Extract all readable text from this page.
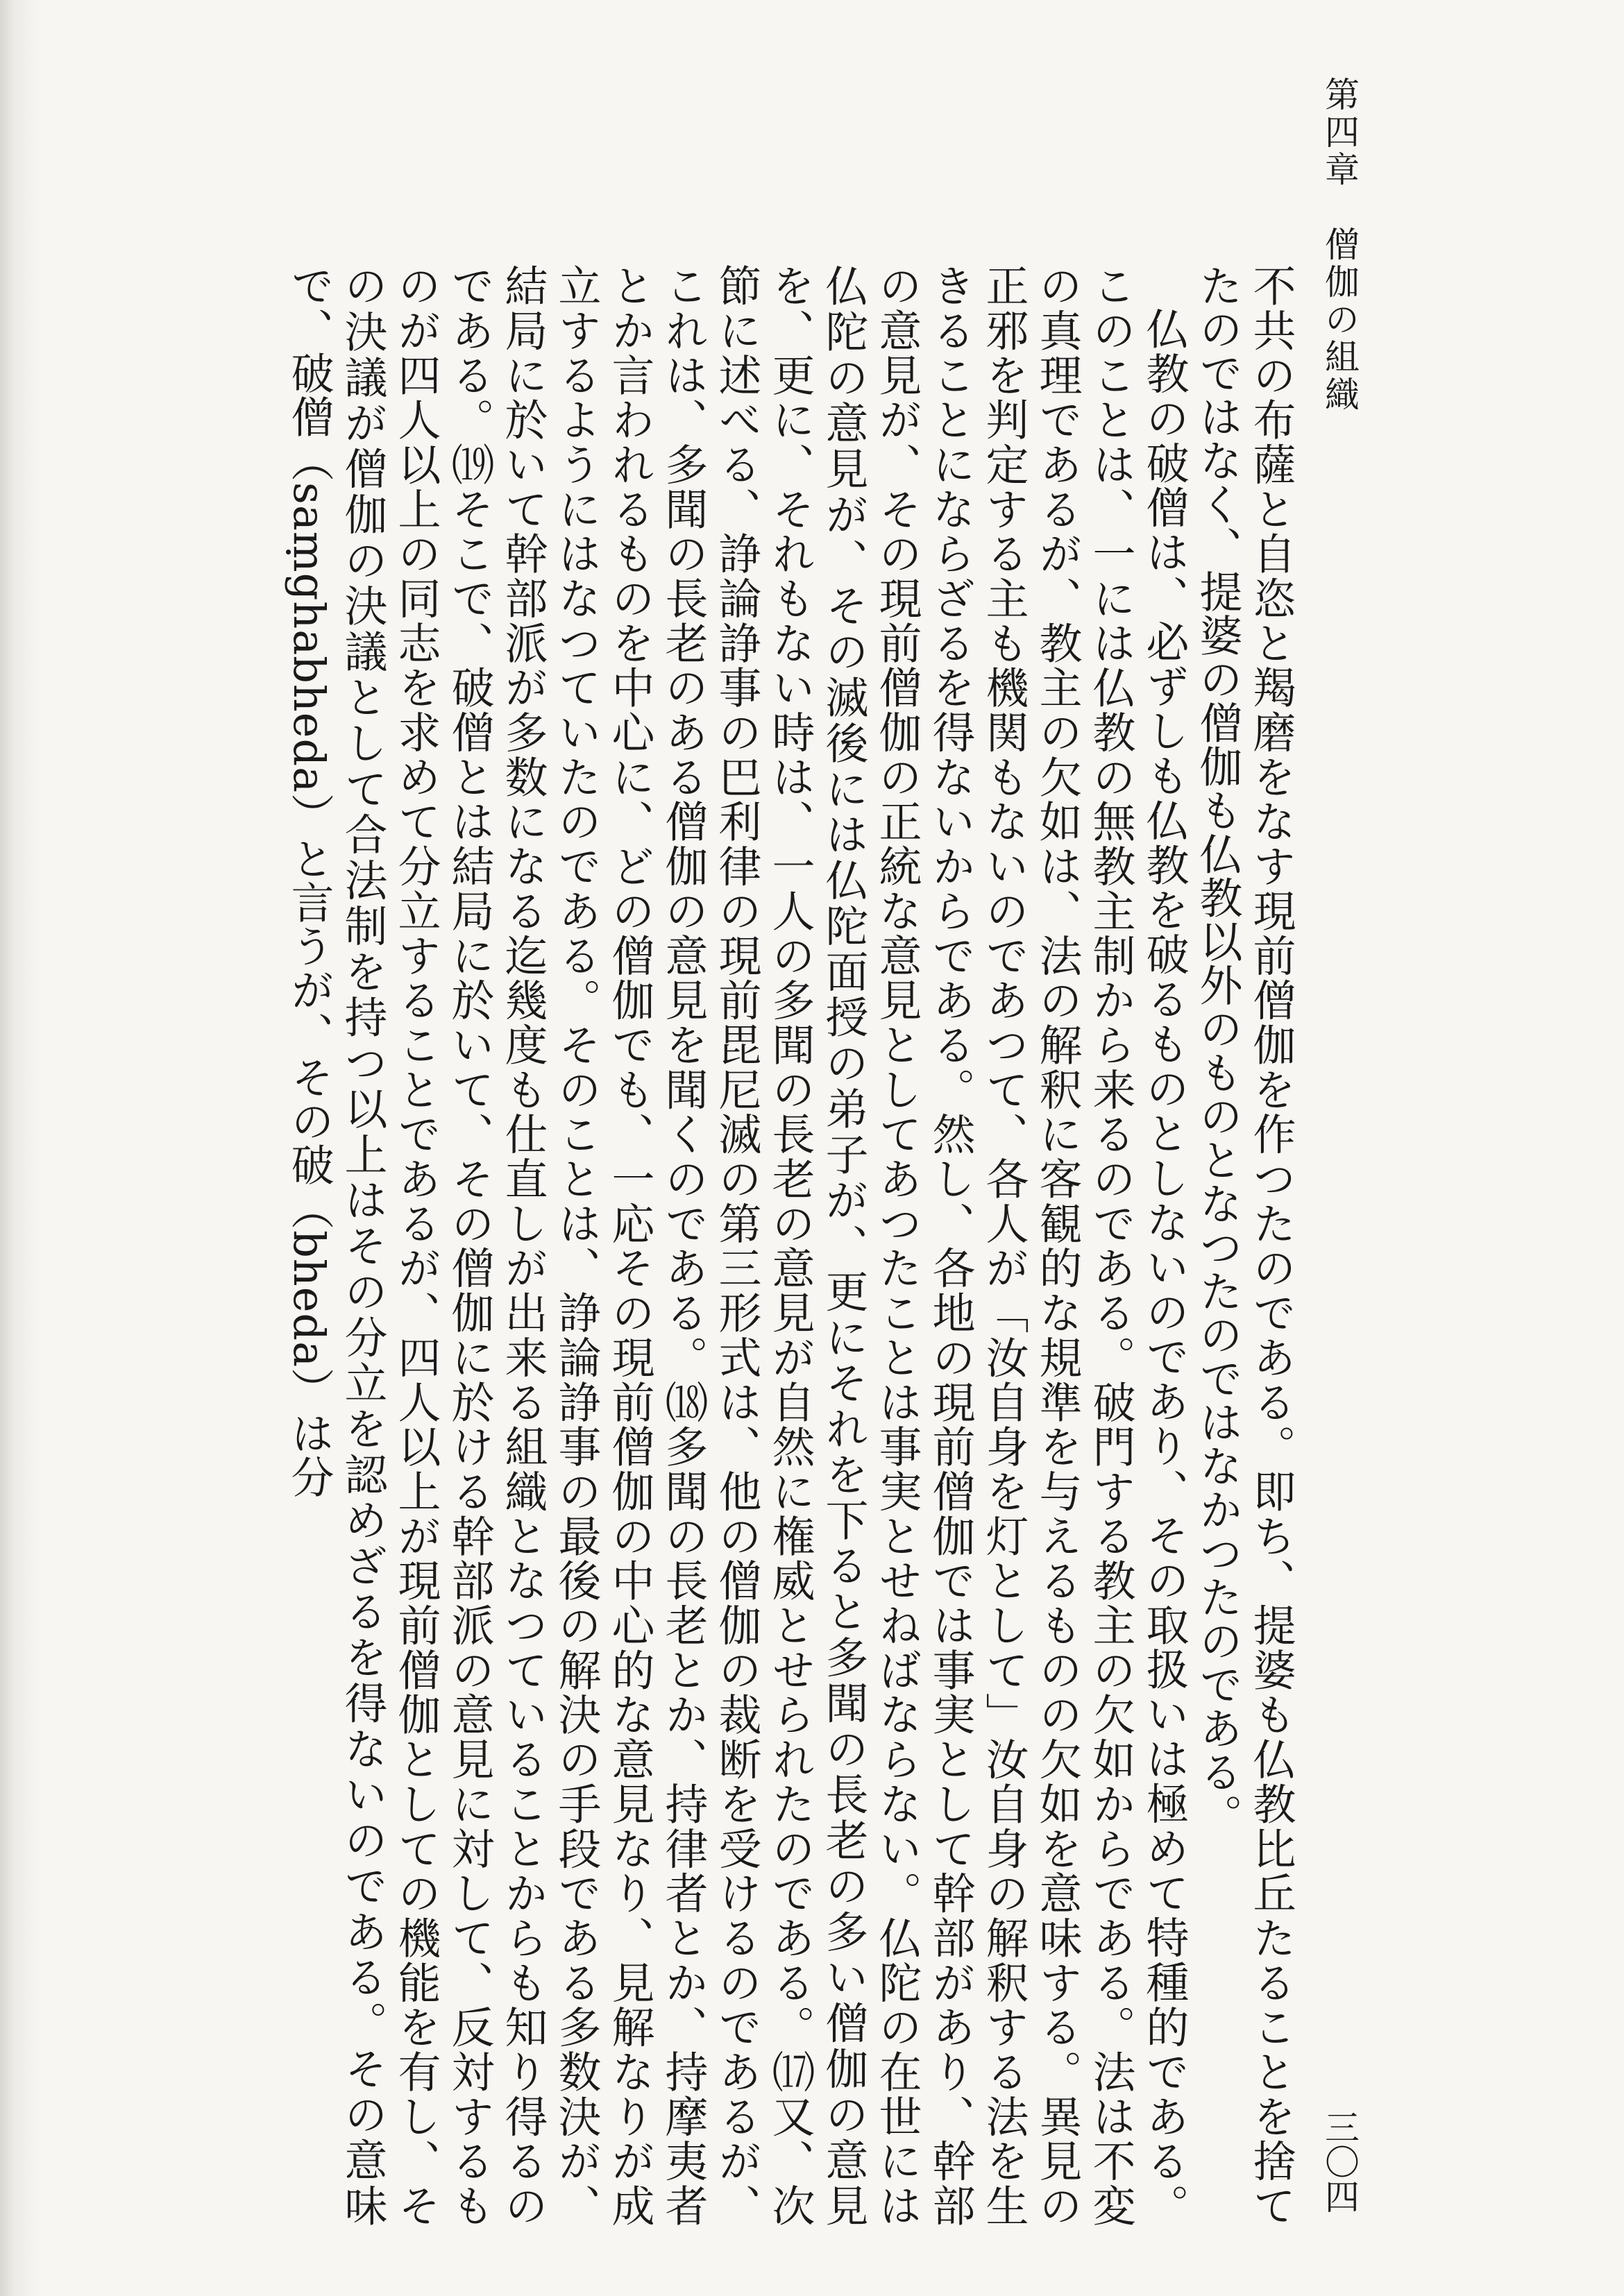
第四章　僧伽の組織
三〇四

不共の布薩と自恣と羯磨をなす現前僧伽を作つたのである。即ち、提婆も仏教比丘たることを捨てたのではなく、提婆の僧伽も仏教以外のものとなつたのではなかつたのである。

仏教の破僧は、必ずしも仏教を破るものとしないのであり、その取扱いは極めて特種的である。このことは、一には仏教の無教主制から来るのである。破門する教主の欠如からである。法は不変の真理であるが、教主の欠如は、法の解釈に客観的な規準を与えるものの欠如を意味する。異見の正邪を判定する主も機関もないのであつて、各人が「汝自身を灯として」汝自身の解釈する法を生きることにならざるを得ないからである。然し、各地の現前僧伽では事実として幹部があり、幹部の意見が、その現前僧伽の正統な意見としてあつたことは事実とせねばならない。仏陀の在世には仏陀の意見が、その滅後には仏陀面授の弟子が、更にそれを下ると多聞の長老の多い僧伽の意見を、更に、それもない時は、一人の多聞の長老の意見が自然に権威とせられたのである。⒄又、次節に述べる、諍論諍事の巴利律の現前毘尼滅の第三形式は、他の僧伽の裁断を受けるのであるが、これは、多聞の長老のある僧伽の意見を聞くのである。⒅多聞の長老とか、持律者とか、持摩夷者とか言われるものを中心に、どの僧伽でも、一応その現前僧伽の中心的な意見なり、見解なりが成立するようにはなつていたのである。そのことは、諍論諍事の最後の解決の手段である多数決が、結局に於いて幹部派が多数になる迄幾度も仕直しが出来る組織となつていることからも知り得るのである。⒆そこで、破僧とは結局に於いて、その僧伽に於ける幹部派の意見に対して、反対するものが四人以上の同志を求めて分立することであるが、四人以上が現前僧伽としての機能を有し、その決議が僧伽の決議として合法制を持つ以上はその分立を認めざるを得ないのである。その意味で、破僧（saṃghabheda）と言うが、その破（bheda）は分
